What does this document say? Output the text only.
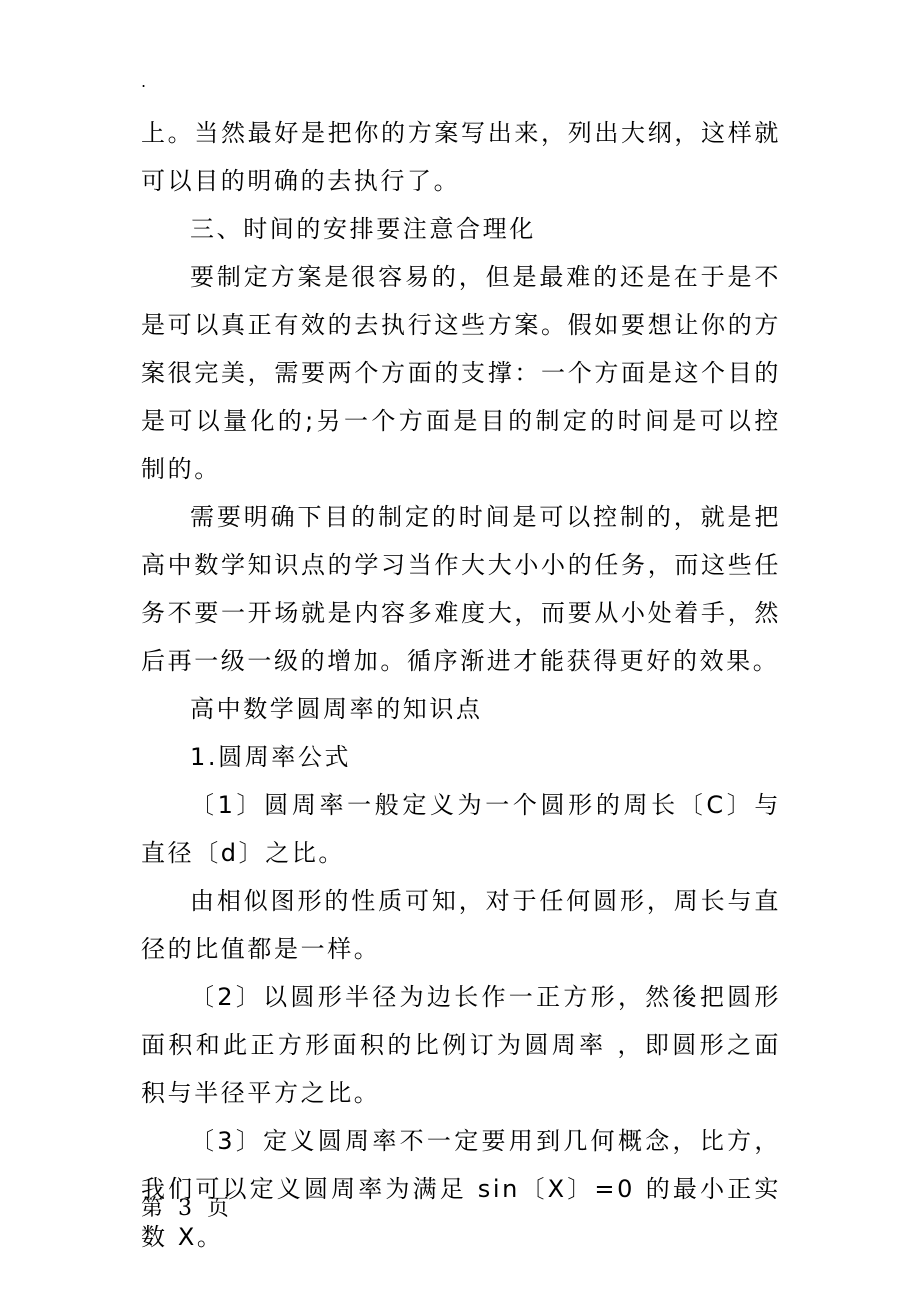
.

上。当然最好是把你的方案写出来，列出大纲，这样就可以目的明确的去执行了。

三、时间的安排要注意合理化

要制定方案是很容易的，但是最难的还是在于是不是可以真正有效的去执行这些方案。假如要想让你的方案很完美，需要两个方面的支撑：一个方面是这个目的是可以量化的;另一个方面是目的制定的时间是可以控制的。

需要明确下目的制定的时间是可以控制的，就是把高中数学知识点的学习当作大大小小的任务，而这些任务不要一开场就是内容多难度大，而要从小处着手，然后再一级一级的增加。循序渐进才能获得更好的效果。

高中数学圆周率的知识点

1.圆周率公式

〔1〕圆周率一般定义为一个圆形的周长〔C〕与直径〔d〕之比。

由相似图形的性质可知，对于任何圆形，周长与直径的比值都是一样。

〔2〕以圆形半径为边长作一正方形，然後把圆形面积和此正方形面积的比例订为圆周率 ，即圆形之面积与半径平方之比。

〔3〕定义圆周率不一定要用到几何概念，比方，我们可以定义圆周率为满足 sin〔X〕=0 的最小正实数 X。

第 3 页
